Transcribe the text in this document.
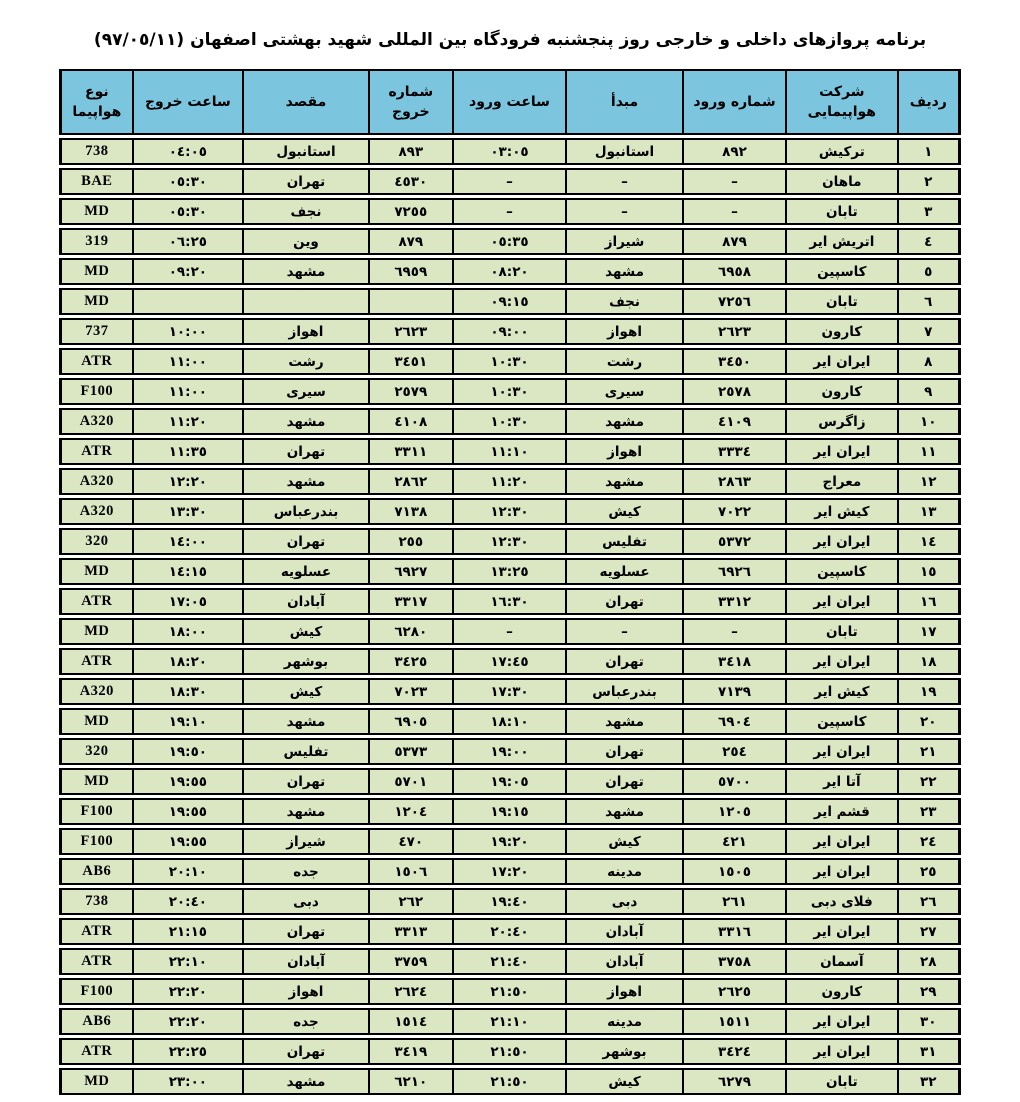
برنامه پروازهای داخلی و خارجی روز پنجشنبه فرودگاه بین المللی شهید بهشتی اصفهان (٩٧/٠٥/١١)
ردیف	شرکت هواپیمایی	شماره ورود	مبدأ	ساعت ورود	شماره خروج	مقصد	ساعت خروج	نوع هواپیما
١	ترکیش	٨٩٢	استانبول	٠٣:٠٥	٨٩٣	استانبول	٠٤:٠٥	738
٢	ماهان	–	–	–	٤٥٣٠	تهران	٠٥:٣٠	BAE
٣	تابان	–	–	–	٧٢٥٥	نجف	٠٥:٣٠	MD
٤	اتریش ایر	٨٧٩	شیراز	٠٥:٣٥	٨٧٩	وین	٠٦:٢٥	319
٥	کاسپین	٦٩٥٨	مشهد	٠٨:٢٠	٦٩٥٩	مشهد	٠٩:٢٠	MD
٦	تابان	٧٢٥٦	نجف	٠٩:١٥				MD
٧	کارون	٢٦٢٣	اهواز	٠٩:٠٠	٢٦٢٣	اهواز	١٠:٠٠	737
٨	ایران ایر	٣٤٥٠	رشت	١٠:٣٠	٣٤٥١	رشت	١١:٠٠	ATR
٩	کارون	٢٥٧٨	سیری	١٠:٣٠	٢٥٧٩	سیری	١١:٠٠	F100
١٠	زاگرس	٤١٠٩	مشهد	١٠:٣٠	٤١٠٨	مشهد	١١:٢٠	A320
١١	ایران ایر	٣٣٣٤	اهواز	١١:١٠	٣٣١١	تهران	١١:٣٥	ATR
١٢	معراج	٢٨٦٣	مشهد	١١:٢٠	٢٨٦٢	مشهد	١٢:٢٠	A320
١٣	کیش ایر	٧٠٢٢	کیش	١٢:٣٠	٧١٣٨	بندرعباس	١٣:٣٠	A320
١٤	ایران ایر	٥٣٧٢	تفلیس	١٢:٣٠	٢٥٥	تهران	١٤:٠٠	320
١٥	کاسپین	٦٩٢٦	عسلویه	١٣:٢٥	٦٩٢٧	عسلویه	١٤:١٥	MD
١٦	ایران ایر	٣٣١٢	تهران	١٦:٣٠	٣٣١٧	آبادان	١٧:٠٥	ATR
١٧	تابان	–	–	–	٦٢٨٠	کیش	١٨:٠٠	MD
١٨	ایران ایر	٣٤١٨	تهران	١٧:٤٥	٣٤٢٥	بوشهر	١٨:٢٠	ATR
١٩	کیش ایر	٧١٣٩	بندرعباس	١٧:٣٠	٧٠٢٣	کیش	١٨:٣٠	A320
٢٠	کاسپین	٦٩٠٤	مشهد	١٨:١٠	٦٩٠٥	مشهد	١٩:١٠	MD
٢١	ایران ایر	٢٥٤	تهران	١٩:٠٠	٥٣٧٣	تفلیس	١٩:٥٠	320
٢٢	آتا ایر	٥٧٠٠	تهران	١٩:٠٥	٥٧٠١	تهران	١٩:٥٥	MD
٢٣	قشم ایر	١٢٠٥	مشهد	١٩:١٥	١٢٠٤	مشهد	١٩:٥٥	F100
٢٤	ایران ایر	٤٢١	کیش	١٩:٢٠	٤٧٠	شیراز	١٩:٥٥	F100
٢٥	ایران ایر	١٥٠٥	مدینه	١٧:٢٠	١٥٠٦	جده	٢٠:١٠	AB6
٢٦	فلای دبی	٢٦١	دبی	١٩:٤٠	٢٦٢	دبی	٢٠:٤٠	738
٢٧	ایران ایر	٣٣١٦	آبادان	٢٠:٤٠	٣٣١٣	تهران	٢١:١٥	ATR
٢٨	آسمان	٣٧٥٨	آبادان	٢١:٤٠	٣٧٥٩	آبادان	٢٢:١٠	ATR
٢٩	کارون	٢٦٢٥	اهواز	٢١:٥٠	٢٦٢٤	اهواز	٢٢:٢٠	F100
٣٠	ایران ایر	١٥١١	مدینه	٢١:١٠	١٥١٤	جده	٢٢:٢٠	AB6
٣١	ایران ایر	٣٤٢٤	بوشهر	٢١:٥٠	٣٤١٩	تهران	٢٢:٢٥	ATR
٣٢	تابان	٦٢٧٩	کیش	٢١:٥٠	٦٢١٠	مشهد	٢٣:٠٠	MD
